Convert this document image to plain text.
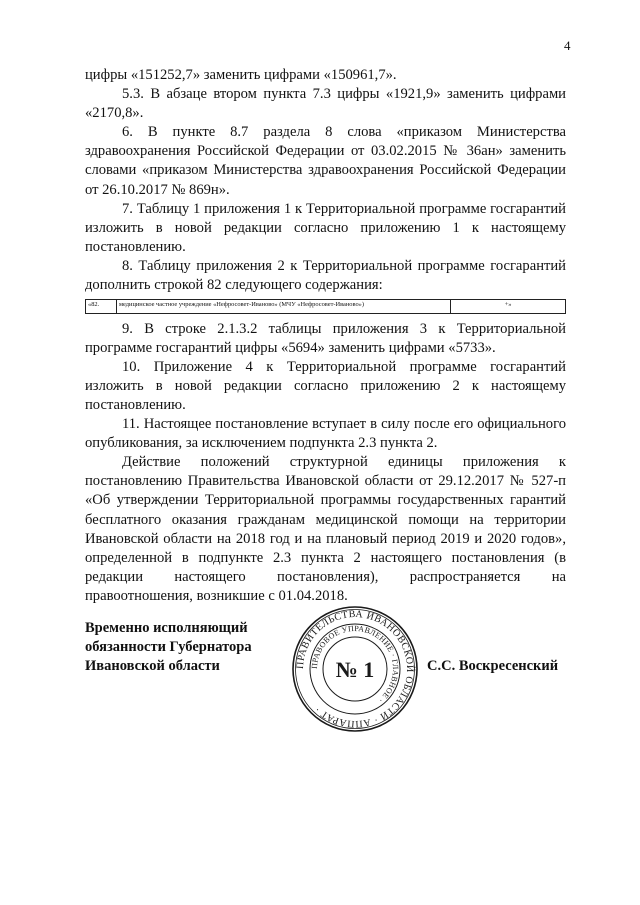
4

цифры «151252,7» заменить цифрами «150961,7».

5.3. В абзаце втором пункта 7.3 цифры «1921,9» заменить цифрами «2170,8».

6. В пункте 8.7 раздела 8 слова «приказом Министерства здравоохранения Российской Федерации от 03.02.2015 № 36ан» заменить словами «приказом Министерства здравоохранения Российской Федерации от 26.10.2017 № 869н».

7. Таблицу 1 приложения 1 к Территориальной программе госгарантий изложить в новой редакции согласно приложению 1 к настоящему постановлению.

8. Таблицу приложения 2 к Территориальной программе госгарантий дополнить строкой 82 следующего содержания:

«82.	медицинское частное учреждение «Нефросовет-Иваново» (МЧУ «Нефросовет-Иваново»)	+»

9. В строке 2.1.3.2 таблицы приложения 3 к Территориальной программе госгарантий цифры «5694» заменить цифрами «5733».

10. Приложение 4 к Территориальной программе госгарантий изложить в новой редакции согласно приложению 2 к настоящему постановлению.

11. Настоящее постановление вступает в силу после его официального опубликования, за исключением подпункта 2.3 пункта 2.

Действие положений структурной единицы приложения к постановлению Правительства Ивановской области от 29.12.2017 № 527-п «Об утверждении Территориальной программы государственных гарантий бесплатного оказания гражданам медицинской помощи на территории Ивановской области на 2018 год и на плановый период 2019 и 2020 годов», определенной в подпункте 2.3 пункта 2 настоящего постановления (в редакции настоящего постановления), распространяется на правоотношения, возникшие с 01.04.2018.

Временно исполняющий
обязанности Губернатора
Ивановской области	ПРАВИТЕЛЬСТВА ИВАНОВСКОЙ ОБЛАСТИ · АППАРАТ ·
ПРАВОВОЕ УПРАВЛЕНИЕ · ГЛАВНОЕ ·
№ 1	С.С. Воскресенский
